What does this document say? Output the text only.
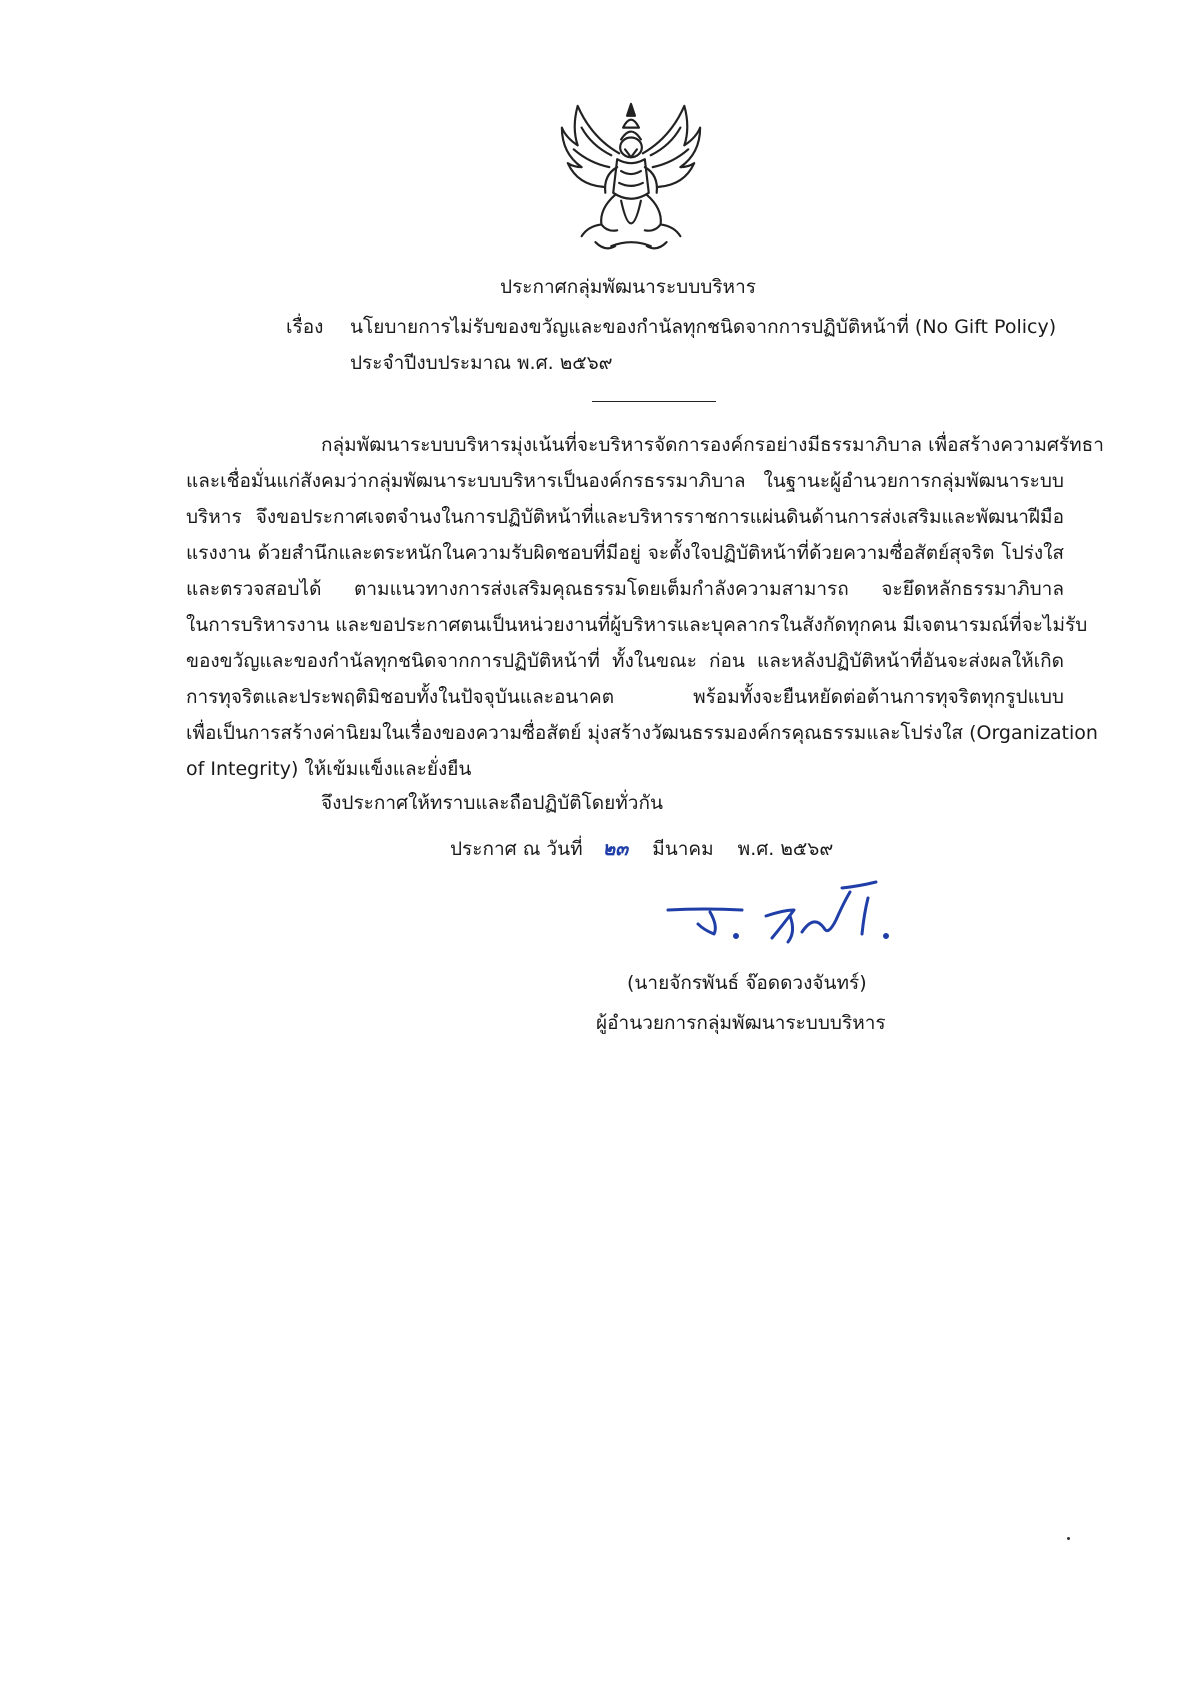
ประกาศกลุ่มพัฒนาระบบบริหาร
เรื่อง นโยบายการไม่รับของขวัญและของกำนัลทุกชนิดจากการปฏิบัติหน้าที่ (No Gift Policy)
ประจำปีงบประมาณ พ.ศ. ๒๕๖๙
กลุ่มพัฒนาระบบบริหารมุ่งเน้นที่จะบริหารจัดการองค์กรอย่างมีธรรมาภิบาล เพื่อสร้างความศรัทธา
และเชื่อมั่นแก่สังคมว่ากลุ่มพัฒนาระบบบริหารเป็นองค์กรธรรมาภิบาล ในฐานะผู้อำนวยการกลุ่มพัฒนาระบบ
บริหาร จึงขอประกาศเจตจำนงในการปฏิบัติหน้าที่และบริหารราชการแผ่นดินด้านการส่งเสริมและพัฒนาฝีมือ
แรงงาน ด้วยสำนึกและตระหนักในความรับผิดชอบที่มีอยู่ จะตั้งใจปฏิบัติหน้าที่ด้วยความซื่อสัตย์สุจริต โปร่งใส
และตรวจสอบได้ ตามแนวทางการส่งเสริมคุณธรรมโดยเต็มกำลังความสามารถ จะยึดหลักธรรมาภิบาล
ในการบริหารงาน และขอประกาศตนเป็นหน่วยงานที่ผู้บริหารและบุคลากรในสังกัดทุกคน มีเจตนารมณ์ที่จะไม่รับ
ของขวัญและของกำนัลทุกชนิดจากการปฏิบัติหน้าที่ ทั้งในขณะ ก่อน และหลังปฏิบัติหน้าที่อันจะส่งผลให้เกิด
การทุจริตและประพฤติมิชอบทั้งในปัจจุบันและอนาคต พร้อมทั้งจะยืนหยัดต่อต้านการทุจริตทุกรูปแบบ
เพื่อเป็นการสร้างค่านิยมในเรื่องของความซื่อสัตย์ มุ่งสร้างวัฒนธรรมองค์กรคุณธรรมและโปร่งใส (Organization
of Integrity) ให้เข้มแข็งและยั่งยืน
จึงประกาศให้ทราบและถือปฏิบัติโดยทั่วกัน
ประกาศ ณ วันที่ ๒๓ มีนาคม พ.ศ. ๒๕๖๙
(นายจักรพันธ์ จ๊อดดวงจันทร์)
ผู้อำนวยการกลุ่มพัฒนาระบบบริหาร
